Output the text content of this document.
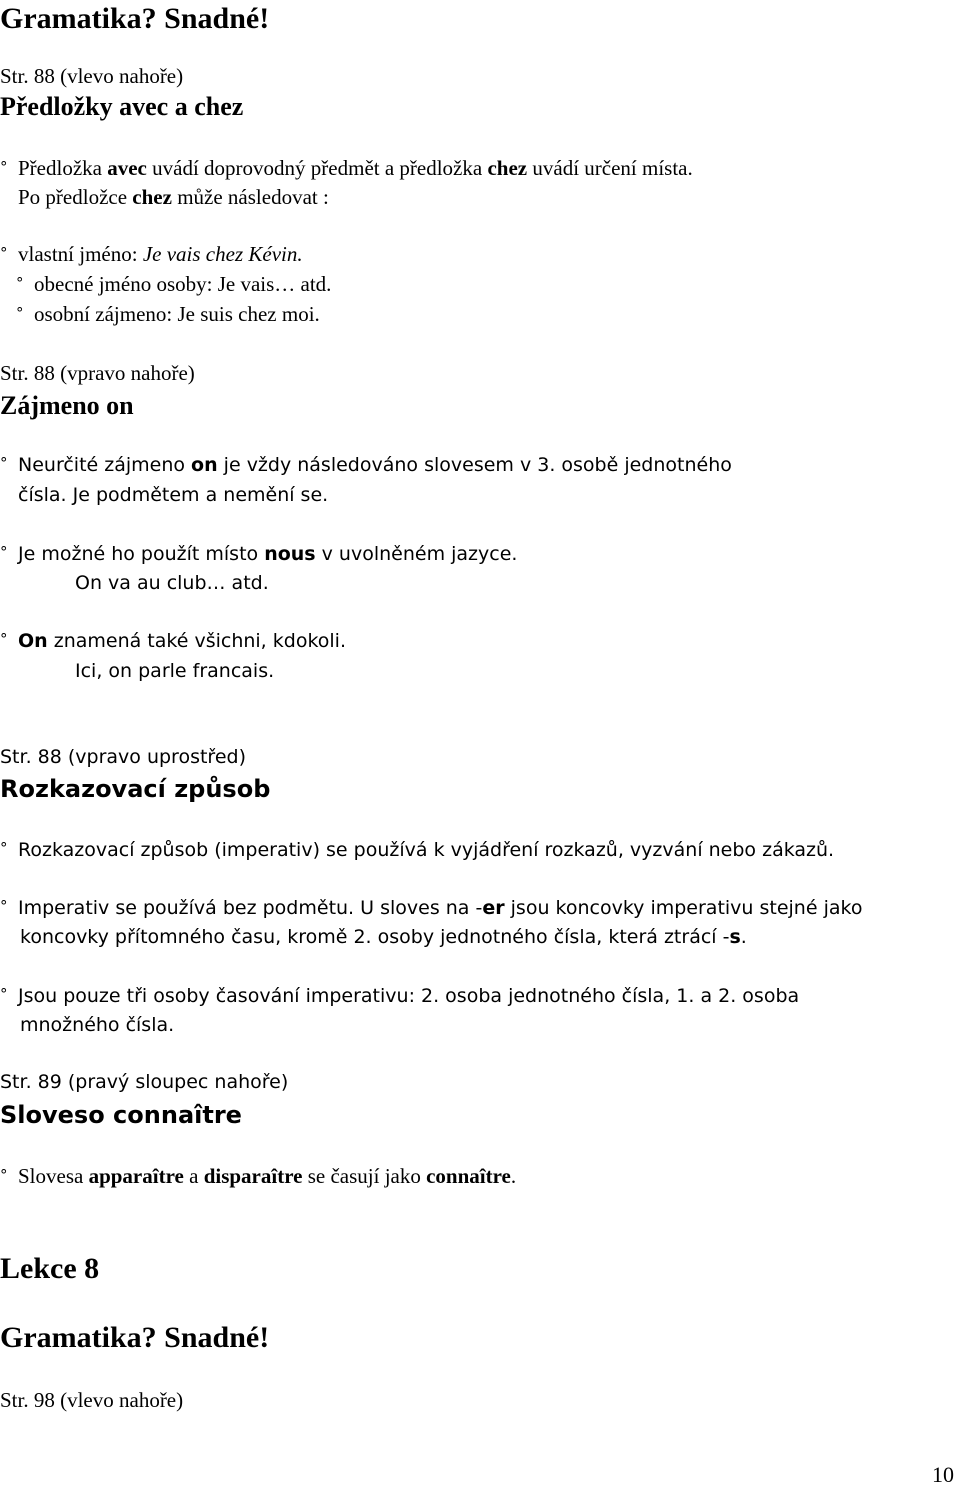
Gramatika? Snadné!
Str. 88 (vlevo nahoře)
Předložky avec a chez
° Předložka avec uvádí doprovodný předmět a předložka chez uvádí určení místa.
Po předložce chez může následovat :
° vlastní jméno: Je vais chez Kévin.
° obecné jméno osoby: Je vais… atd.
° osobní zájmeno: Je suis chez moi.
Str. 88 (vpravo nahoře)
Zájmeno on
° Neurčité zájmeno on je vždy následováno slovesem v 3. osobě jednotného
čísla. Je podmětem a nemění se.
° Je možné ho použít místo nous v uvolněném jazyce.
On va au club… atd.
° On znamená také všichni, kdokoli.
Ici, on parle francais.
Str. 88 (vpravo uprostřed)
Rozkazovací způsob
° Rozkazovací způsob (imperativ) se používá k vyjádření rozkazů, vyzvání nebo zákazů.
° Imperativ se používá bez podmětu. U sloves na -er jsou koncovky imperativu stejné jako
koncovky přítomného času, kromě 2. osoby jednotného čísla, která ztrácí -s.
° Jsou pouze tři osoby časování imperativu: 2. osoba jednotného čísla, 1. a 2. osoba
množného čísla.
Str. 89 (pravý sloupec nahoře)
Sloveso connaître
° Slovesa apparaître a disparaître se časují jako connaître.
Lekce 8
Gramatika? Snadné!
Str. 98 (vlevo nahoře)
10
